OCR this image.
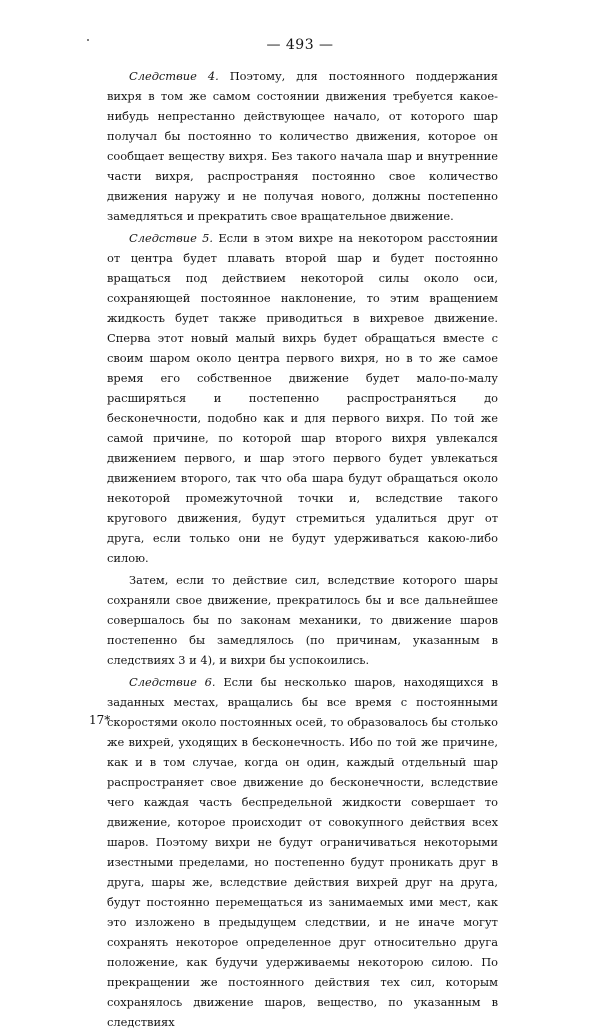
— 493 —

Следствие 4. Поэтому, для постоянного поддержания вихря в том же самом состоянии движения требуется какое-нибудь непрестанно действующее начало, от которого шар получал бы постоянно то количество движения, которое он сообщает веществу вихря. Без такого начала шар и внутренние части вихря, распространяя постоянно свое количество движения наружу и не получая нового, должны постепенно замедляться и прекратить свое вращательное движение.

Следствие 5. Если в этом вихре на некотором расстоянии от центра будет плавать второй шар и будет постоянно вращаться под действием некоторой силы около оси, сохраняющей постоянное наклонение, то этим вращением жидкость будет также приводиться в вихревое движение. Сперва этот новый малый вихрь будет обращаться вместе с своим шаром около центра первого вихря, но в то же самое время его собственное движение будет мало-по-малу расширяться и постепенно распространяться до бесконечности, подобно как и для первого вихря. По той же самой причине, по которой шар второго вихря увлекался движением первого, и шар этого первого будет увлекаться движением второго, так что оба шара будут обращаться около некоторой промежуточной точки и, вследствие такого кругового движения, будут стремиться удалиться друг от друга, если только они не будут удерживаться какою-либо силою.

Затем, если то действие сил, вследствие которого шары сохраняли свое движение, прекратилось бы и все дальнейшее совершалось бы по законам механики, то движение шаров постепенно бы замедлялось (по причинам, указанным в следствиях 3 и 4), и вихри бы успокоились.

Следствие 6. Если бы несколько шаров, находящихся в заданных местах, вращались бы все время с постоянными скоростями около постоянных осей, то образовалось бы столько же вихрей, уходящих в бесконечность. Ибо по той же причине, как и в том случае, когда он один, каждый отдельный шар распространяет свое движение до бесконечности, вследствие чего каждая часть беспредельной жидкости совершает то движение, которое происходит от совокупного действия всех шаров. Поэтому вихри не будут ограничиваться некоторыми изестными пределами, но постепенно будут проникать друг в друга, шары же, вследствие действия вихрей друг на друга, будут постоянно перемещаться из занимаемых ими мест, как это изложено в предыдущем следствии, и не иначе могут сохранять некоторое определенное друг относительно друга положение, как будучи удерживаемы некоторою силою. По прекращении же постоянного действия тех сил, которым сохранялось движение шаров, вещество, по указанным в следствиях

17*
